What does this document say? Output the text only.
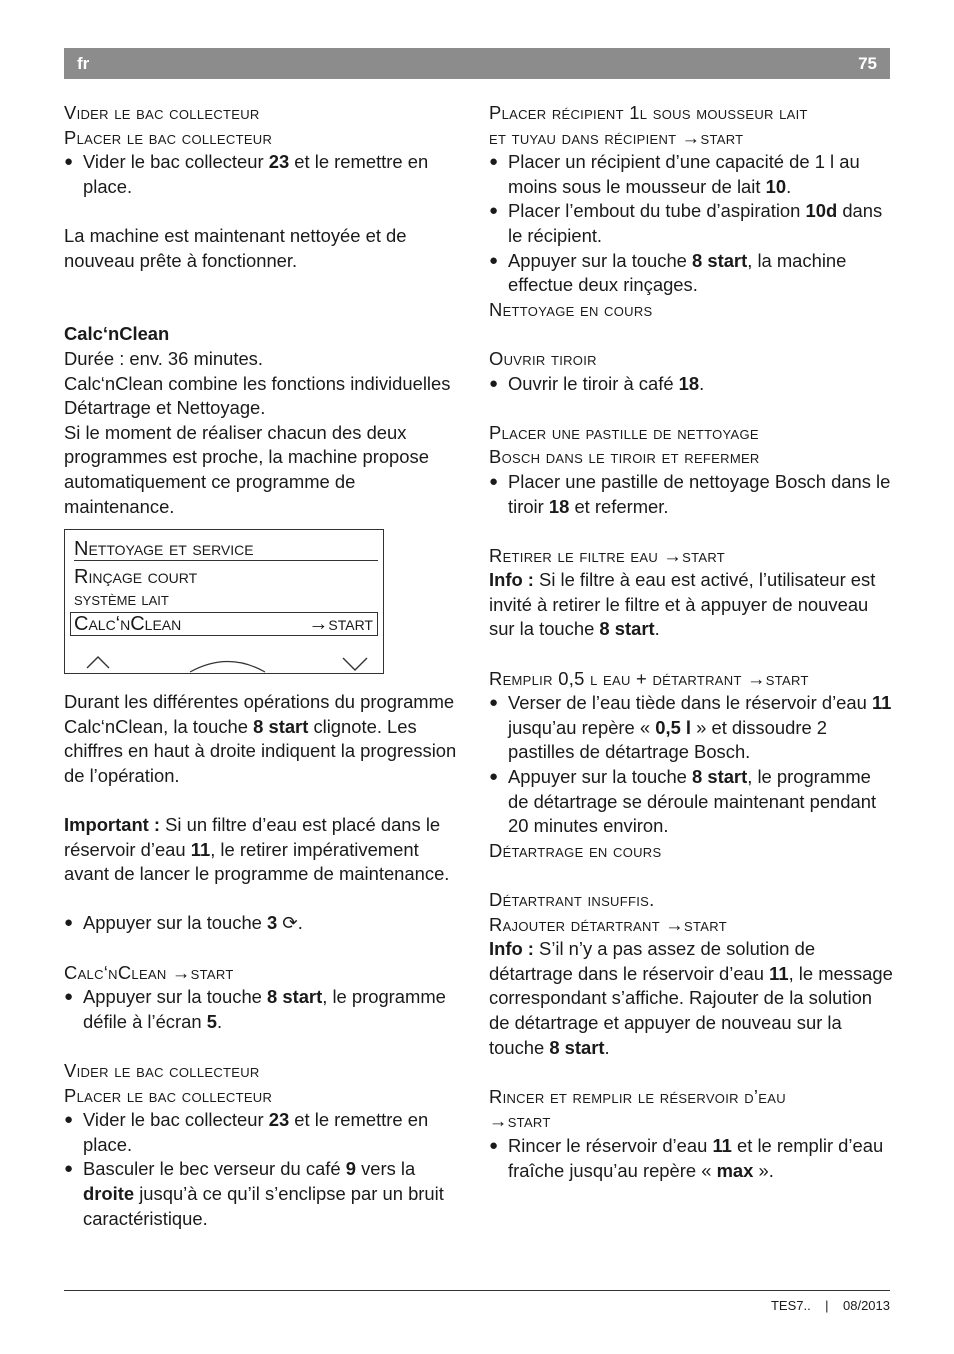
fr	75
Vider le bac collecteur
Placer le bac collecteur

● Vider le bac collecteur 23 et le remettre en place.

La machine est maintenant nettoyée et de nouveau prête à fonctionner.

Calc‘nClean

Durée : env. 36 minutes.

Calc‘nClean combine les fonctions individuelles Détartrage et Nettoyage.

Si le moment de réaliser chacun des deux programmes est proche, la machine propose automatiquement ce programme de maintenance.

Nettoyage et service
Rinçage court
système lait
Calc‘nClean	→start

Durant les différentes opérations du programme Calc‘nClean, la touche 8 start clignote. Les chiffres en haut à droite indiquent la progression de l’opération.

Important : Si un filtre d’eau est placé dans le réservoir d’eau 11, le retirer impérativement avant de lancer le programme de maintenance.

● Appuyer sur la touche 3 ⟳.

Calc‘nClean →start

● Appuyer sur la touche 8 start, le programme défile à l’écran 5.

Vider le bac collecteur
Placer le bac collecteur

● Vider le bac collecteur 23 et le remettre en place.

● Basculer le bec verseur du café 9 vers la droite jusqu’à ce qu’il s’enclipse par un bruit caractéristique.

Placer récipient 1l sous mousseur lait
et tuyau dans récipient →start

● Placer un récipient d’une capacité de 1 l au moins sous le mousseur de lait 10.

● Placer l’embout du tube d’aspiration 10d dans le récipient.

● Appuyer sur la touche 8 start, la machine effectue deux rinçages.

Nettoyage en cours
Ouvrir tiroir

● Ouvrir le tiroir à café 18.

Placer une pastille de nettoyage
Bosch dans le tiroir et refermer

● Placer une pastille de nettoyage Bosch dans le tiroir 18 et refermer.

Retirer le filtre eau →start

Info : Si le filtre à eau est activé, l’utilisateur est invité à retirer le filtre et à appuyer de nouveau sur la touche 8 start.

Remplir 0,5 l eau + détartrant →start

● Verser de l’eau tiède dans le réservoir d’eau 11 jusqu’au repère « 0,5 l » et dissoudre 2 pastilles de détartrage Bosch.

● Appuyer sur la touche 8 start, le programme de détartrage se déroule maintenant pendant 20 minutes environ.

Détartrage en cours
Détartrant insuffis.
Rajouter détartrant →start

Info : S’il n’y a pas assez de solution de détartrage dans le réservoir d’eau 11, le message correspondant s’affiche. Rajouter de la solution de détartrage et appuyer de nouveau sur la touche 8 start.

Rincer et remplir le réservoir d’eau
→start

● Rincer le réservoir d’eau 11 et le remplir d’eau fraîche jusqu’au repère « max ».

TES7.. | 08/2013
